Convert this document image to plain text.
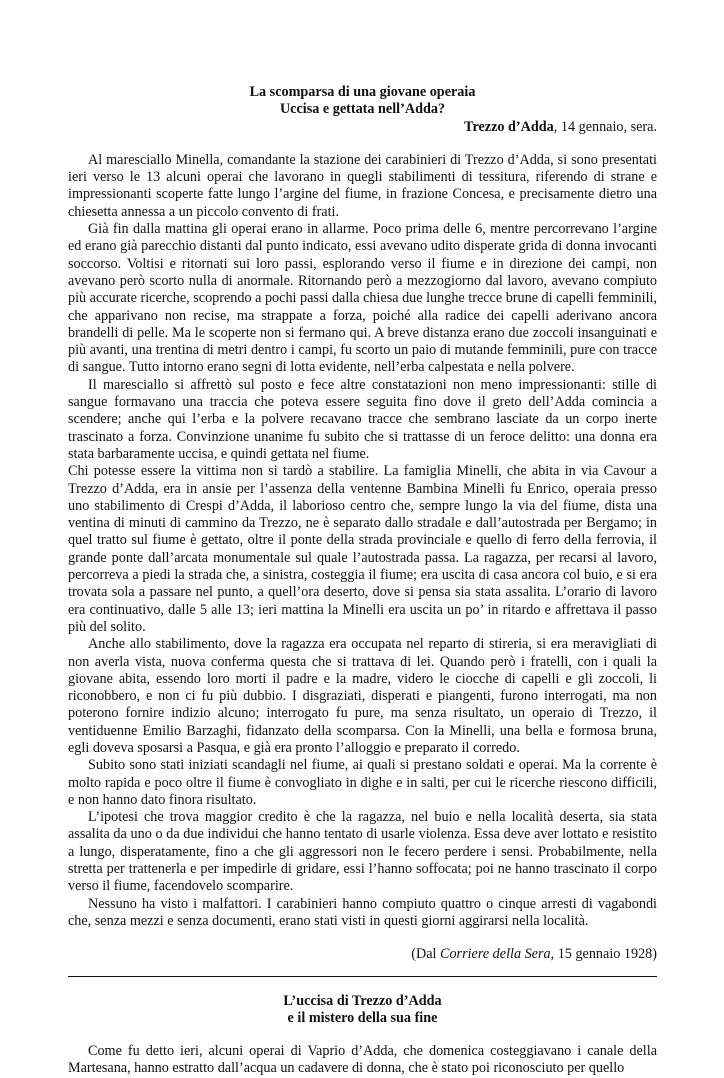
La scomparsa di una giovane operaia

Uccisa e gettata nell’Adda?

Trezzo d’Adda, 14 gennaio, sera.

Al maresciallo Minella, comandante la stazione dei carabinieri di Trezzo d’Adda, si sono presentati ieri verso le 13 alcuni operai che lavorano in quegli stabilimenti di tessitura, riferendo di strane e impressionanti scoperte fatte lungo l’argine del fiume, in frazione Concesa, e precisamente dietro una chiesetta annessa a un piccolo convento di frati.

Già fin dalla mattina gli operai erano in allarme. Poco prima delle 6, mentre percorrevano l’argine ed erano già parecchio distanti dal punto indicato, essi avevano udito disperate grida di donna invocanti soccorso. Voltisi e ritornati sui loro passi, esplorando verso il fiume e in direzione dei campi, non avevano però scorto nulla di anormale. Ritornando però a mezzogiorno dal lavoro, avevano compiuto più accurate ricerche, scoprendo a pochi passi dalla chiesa due lunghe trecce brune di capelli femminili, che apparivano non recise, ma strappate a forza, poiché alla radice dei capelli aderivano ancora brandelli di pelle. Ma le scoperte non si fermano qui. A breve distanza erano due zoccoli insanguinati e più avanti, una trentina di metri dentro i campi, fu scorto un paio di mutande femminili, pure con tracce di sangue. Tutto intorno erano segni di lotta evidente, nell’erba calpestata e nella polvere.

Il maresciallo si affrettò sul posto e fece altre constatazioni non meno impressionanti: stille di sangue formavano una traccia che poteva essere seguita fino dove il greto dell’Adda comincia a scendere; anche qui l’erba e la polvere recavano tracce che sembrano lasciate da un corpo inerte trascinato a forza. Convinzione unanime fu subito che si trattasse di un feroce delitto: una donna era stata barbaramente uccisa, e quindi gettata nel fiume.

Chi potesse essere la vittima non si tardò a stabilire. La famiglia Minelli, che abita in via Cavour a Trezzo d’Adda, era in ansie per l’assenza della ventenne Bambina Minelli fu Enrico, operaia presso uno stabilimento di Crespi d’Adda, il laborioso centro che, sempre lungo la via del fiume, dista una ventina di minuti di cammino da Trezzo, ne è separato dallo stradale e dall’autostrada per Bergamo; in quel tratto sul fiume è gettato, oltre il ponte della strada provinciale e quello di ferro della ferrovia, il grande ponte dall’arcata monumentale sul quale l’autostrada passa. La ragazza, per recarsi al lavoro, percorreva a piedi la strada che, a sinistra, costeggia il fiume; era uscita di casa ancora col buio, e si era trovata sola a passare nel punto, a quell’ora deserto, dove si pensa sia stata assalita. L’orario di lavoro era continuativo, dalle 5 alle 13; ieri mattina la Minelli era uscita un po’ in ritardo e affrettava il passo più del solito.

Anche allo stabilimento, dove la ragazza era occupata nel reparto di stireria, si era meravigliati di non averla vista, nuova conferma questa che si trattava di lei. Quando però i fratelli, con i quali la giovane abita, essendo loro morti il padre e la madre, videro le ciocche di capelli e gli zoccoli, li riconobbero, e non ci fu più dubbio. I disgraziati, disperati e piangenti, furono interrogati, ma non poterono fornire indizio alcuno; interrogato fu pure, ma senza risultato, un operaio di Trezzo, il ventiduenne Emilio Barzaghi, fidanzato della scomparsa. Con la Minelli, una bella e formosa bruna, egli doveva sposarsi a Pasqua, e già era pronto l’alloggio e preparato il corredo.

Subito sono stati iniziati scandagli nel fiume, ai quali si prestano soldati e operai. Ma la corrente è molto rapida e poco oltre il fiume è convogliato in dighe e in salti, per cui le ricerche riescono difficili, e non hanno dato finora risultato.

L’ipotesi che trova maggior credito è che la ragazza, nel buio e nella località deserta, sia stata assalita da uno o da due individui che hanno tentato di usarle violenza. Essa deve aver lottato e resistito a lungo, disperatamente, fino a che gli aggressori non le fecero perdere i sensi. Probabilmente, nella stretta per trattenerla e per impedirle di gridare, essi l’hanno soffocata; poi ne hanno trascinato il corpo verso il fiume, facendovelo scomparire.

Nessuno ha visto i malfattori. I carabinieri hanno compiuto quattro o cinque arresti di vagabondi che, senza mezzi e senza documenti, erano stati visti in questi giorni aggirarsi nella località.

(Dal Corriere della Sera, 15 gennaio 1928)

L’uccisa di Trezzo d’Adda

e il mistero della sua fine

Come fu detto ieri, alcuni operai di Vaprio d’Adda, che domenica costeggiavano i canale della Martesana, hanno estratto dall’acqua un cadavere di donna, che è stato poi riconosciuto per quello
